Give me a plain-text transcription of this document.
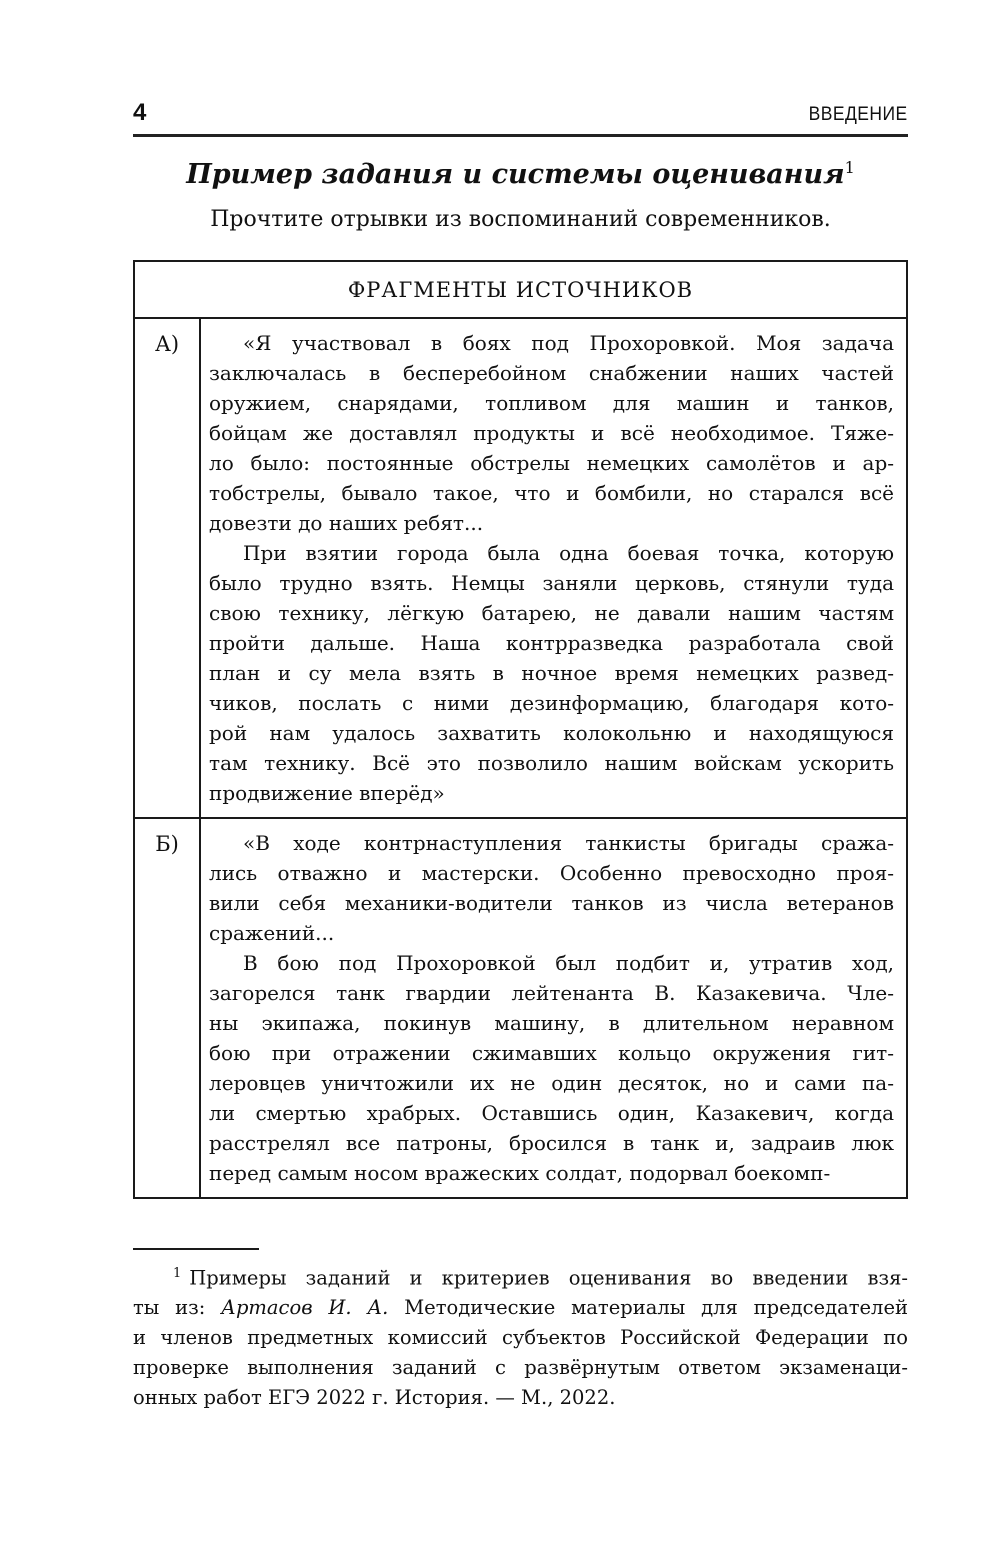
4	ВВЕДЕНИЕ
Пример задания и системы оценивания$^1$
Прочтите отрывки из воспоминаний современников.
ФРАГМЕНТЫ ИСТОЧНИКОВ
А)	«Я участвовал в боях под Прохоровкой. Моя задача
заключалась в бесперебойном снабжении наших частей
оружием, снарядами, топливом для машин и танков,
бойцам же доставлял продукты и всё необходимое. Тяже-
ло было: постоянные обстрелы немецких самолётов и ар-
тобстрелы, бывало такое, что и бомбили, но старался всё
довезти до наших ребят...
При взятии города была одна боевая точка, которую
было трудно взять. Немцы заняли церковь, стянули туда
свою технику, лёгкую батарею, не давали нашим частям
пройти дальше. Наша контрразведка разработала свой
план и су мела взять в ночное время немецких развед-
чиков, послать с ними дезинформацию, благодаря кото-
рой нам удалось захватить колокольню и находящуюся
там технику. Всё это позволило нашим войскам ускорить
продвижение вперёд»
Б)	«В ходе контрнаступления танкисты бригады сража-
лись отважно и мастерски. Особенно превосходно проя-
вили себя механики-водители танков из числа ветеранов
сражений...
В бою под Прохоровкой был подбит и, утратив ход,
загорелся танк гвардии лейтенанта В. Казакевича. Чле-
ны экипажа, покинув машину, в длительном неравном
бою при отражении сжимавших кольцо окружения гит-
леровцев уничтожили их не один десяток, но и сами па-
ли смертью храбрых. Оставшись один, Казакевич, когда
расстрелял все патроны, бросился в танк и, задраив люк
перед самым носом вражеских солдат, подорвал боекомп-
$^1$ Примеры заданий и критериев оценивания во введении взя-
ты из: Артасов И. А. Методические материалы для председателей
и членов предметных комиссий субъектов Российской Федерации по
проверке выполнения заданий с развёрнутым ответом экзаменаци-
онных работ ЕГЭ 2022 г. История. — М., 2022.
